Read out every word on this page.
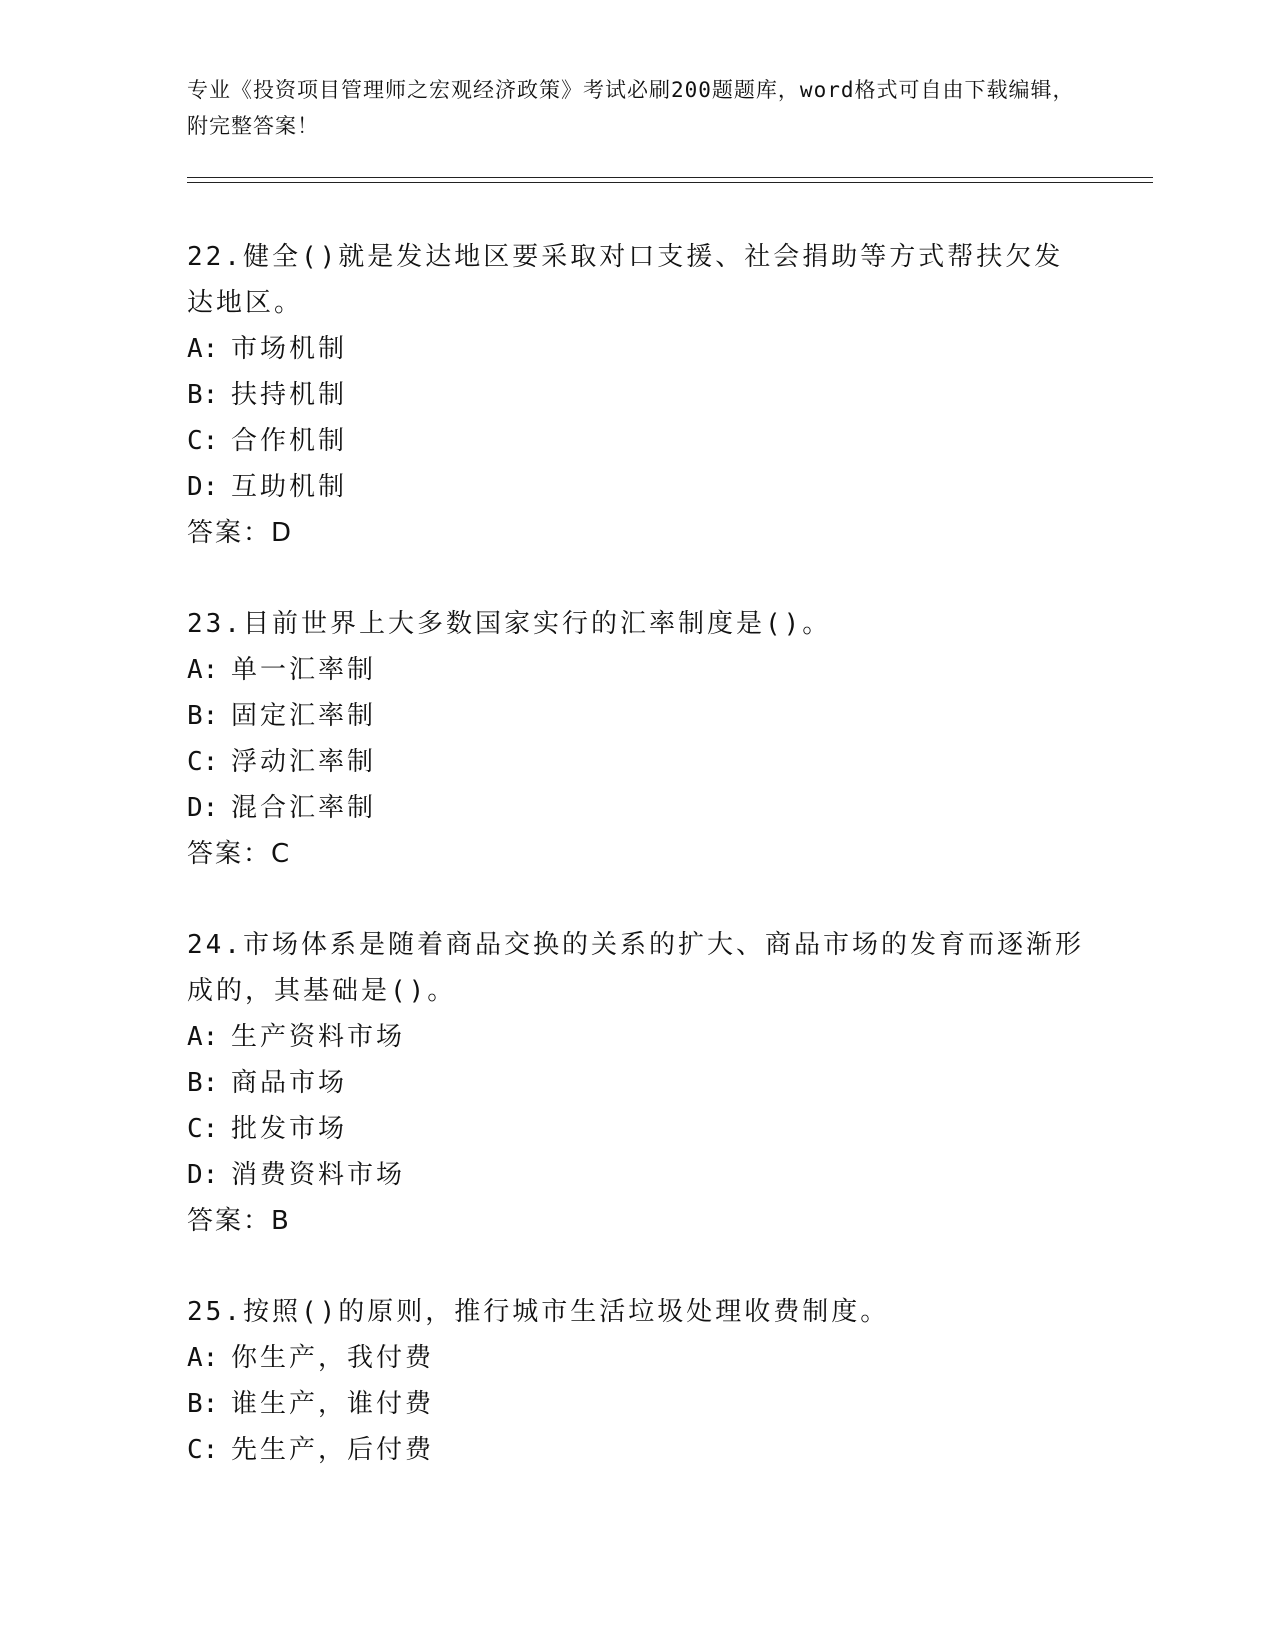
专业《投资项目管理师之宏观经济政策》考试必刷200题题库，word格式可自由下载编辑，附完整答案！

22.健全()就是发达地区要采取对口支援、社会捐助等方式帮扶欠发达地区。

A: 市场机制

B: 扶持机制

C: 合作机制

D: 互助机制

答案：D

23.目前世界上大多数国家实行的汇率制度是()。

A: 单一汇率制

B: 固定汇率制

C: 浮动汇率制

D: 混合汇率制

答案：C

24.市场体系是随着商品交换的关系的扩大、商品市场的发育而逐渐形成的，其基础是()。

A: 生产资料市场

B: 商品市场

C: 批发市场

D: 消费资料市场

答案：B

25.按照()的原则，推行城市生活垃圾处理收费制度。

A: 你生产，我付费

B: 谁生产，谁付费

C: 先生产，后付费
